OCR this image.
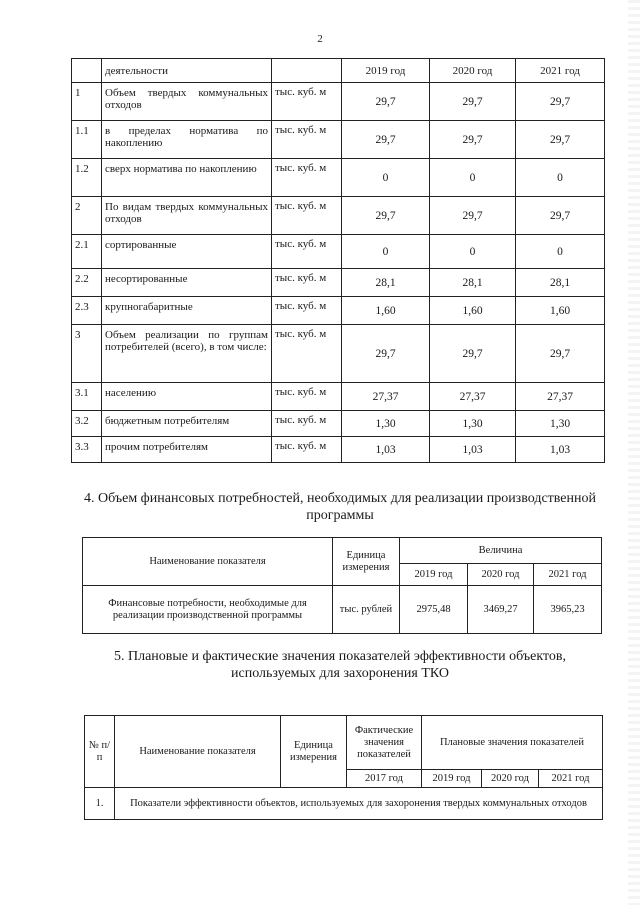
2
	деятельности		2019 год	2020 год	2021 год
1	Объем твердых коммунальных отходов	тыс. куб. м	29,7	29,7	29,7
1.1	в пределах норматива по накоплению	тыс. куб. м	29,7	29,7	29,7
1.2	сверх норматива по накоплению	тыс. куб. м	0	0	0
2	По видам твердых коммунальных отходов	тыс. куб. м	29,7	29,7	29,7
2.1	сортированные	тыс. куб. м	0	0	0
2.2	несортированные	тыс. куб. м	28,1	28,1	28,1
2.3	крупногабаритные	тыс. куб. м	1,60	1,60	1,60
3	Объем реализации по группам потребителей (всего), в том числе:	тыс. куб. м	29,7	29,7	29,7
3.1	населению	тыс. куб. м	27,37	27,37	27,37
3.2	бюджетным потребителям	тыс. куб. м	1,30	1,30	1,30
3.3	прочим потребителям	тыс. куб. м	1,03	1,03	1,03
4. Объем финансовых потребностей, необходимых для реализации производственной программы
Наименование показателя	Единица измерения	Величина		
		2019 год	2020 год	2021 год
Финансовые потребности, необходимые для реализации производственной программы	тыс. рублей	2975,48	3469,27	3965,23
5. Плановые и фактические значения показателей эффективности объектов, используемых для захоронения ТКО
№ п/п	Наименование показателя	Единица измерения	Фактические значения показателей	Плановые значения показателей		
			2017 год	2019 год	2020 год	2021 год
1.	Показатели эффективности объектов, используемых для захоронения твердых коммунальных отходов					
